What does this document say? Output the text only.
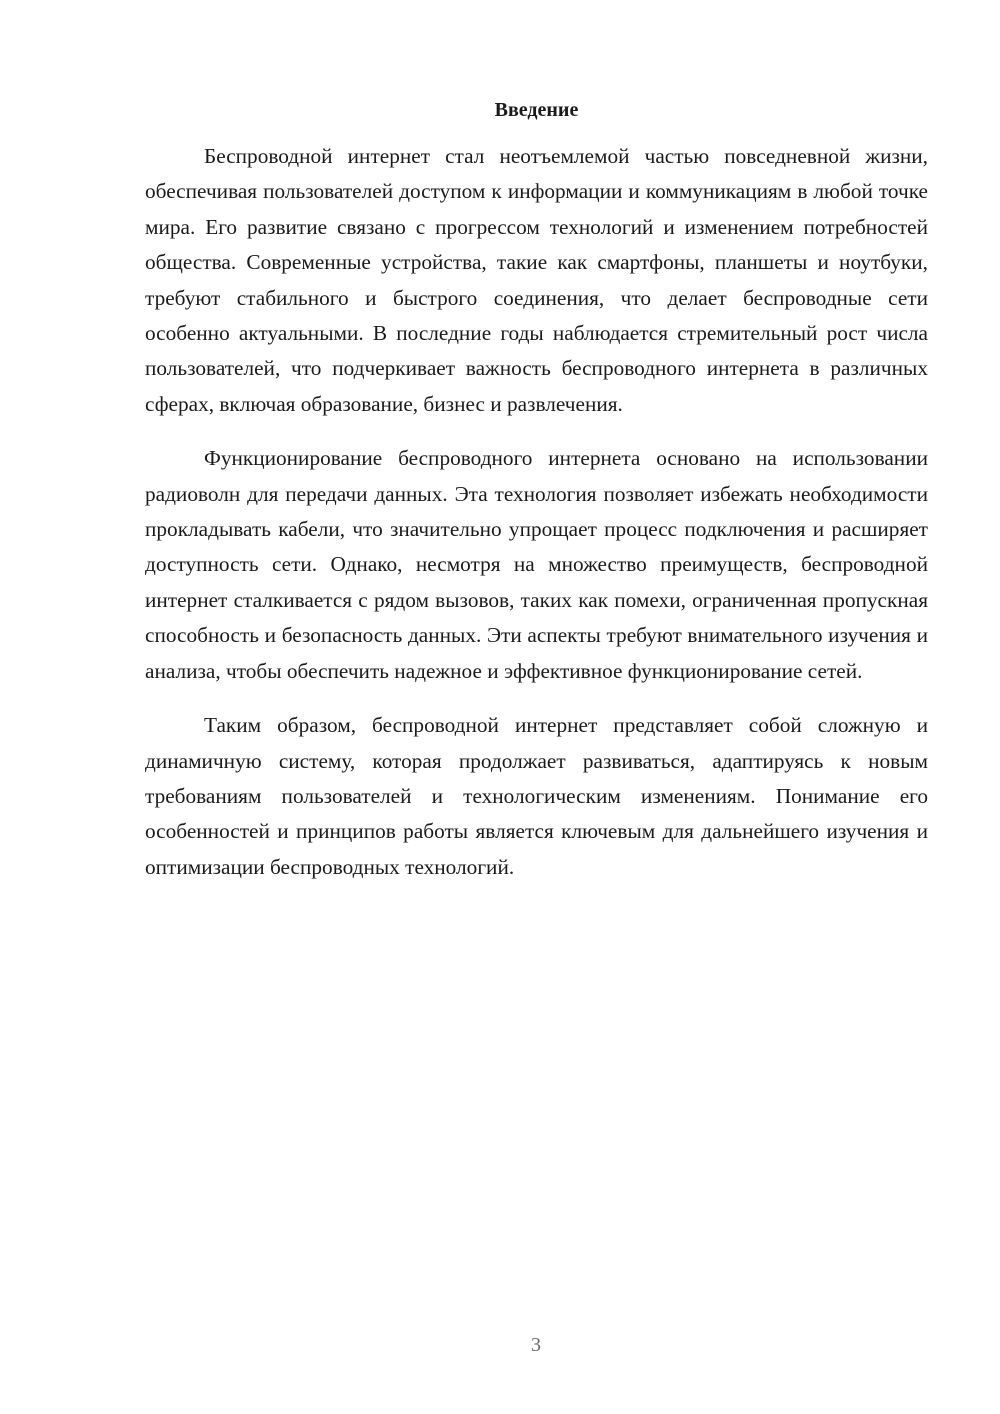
Введение

Беспроводной интернет стал неотъемлемой частью повседневной жизни, обеспечивая пользователей доступом к информации и коммуникациям в любой точке мира. Его развитие связано с прогрессом технологий и изменением потребностей общества. Современные устройства, такие как смартфоны, планшеты и ноутбуки, требуют стабильного и быстрого соединения, что делает беспроводные сети особенно актуальными. В последние годы наблюдается стремительный рост числа пользователей, что подчеркивает важность беспроводного интернета в различных сферах, включая образование, бизнес и развлечения.

Функционирование беспроводного интернета основано на использовании радиоволн для передачи данных. Эта технология позволяет избежать необходимости прокладывать кабели, что значительно упрощает процесс подключения и расширяет доступность сети. Однако, несмотря на множество преимуществ, беспроводной интернет сталкивается с рядом вызовов, таких как помехи, ограниченная пропускная способность и безопасность данных. Эти аспекты требуют внимательного изучения и анализа, чтобы обеспечить надежное и эффективное функционирование сетей.

Таким образом, беспроводной интернет представляет собой сложную и динамичную систему, которая продолжает развиваться, адаптируясь к новым требованиям пользователей и технологическим изменениям. Понимание его особенностей и принципов работы является ключевым для дальнейшего изучения и оптимизации беспроводных технологий.

3
